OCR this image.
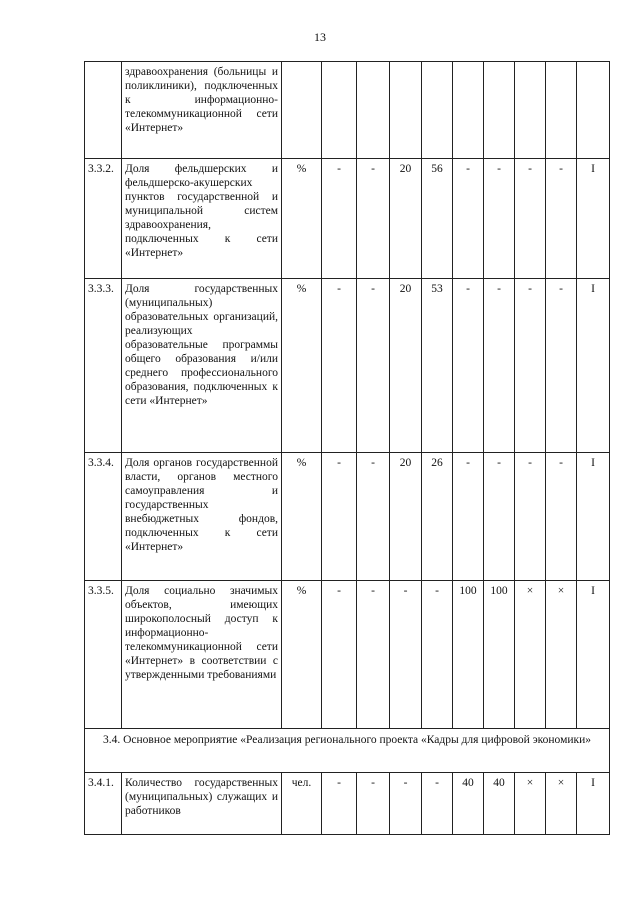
13
	здравоохранения (больницы и поликлиники), подключенных к информационно-телекоммуникационной сети «Интернет»										
3.3.2.	Доля фельдшерских и фельдшерско-акушерских пунктов государственной и муниципальной систем здравоохранения, подключенных к сети «Интернет»	%	-	-	20	56	-	-	-	-	I
3.3.3.	Доля государственных (муниципальных) образовательных организаций, реализующих образовательные программы общего образования и/или среднего профессионального образования, подключенных к сети «Интернет»	%	-	-	20	53	-	-	-	-	I
3.3.4.	Доля органов государственной власти, органов местного самоуправления и государственных внебюджетных фондов, подключенных к сети «Интернет»	%	-	-	20	26	-	-	-	-	I
3.3.5.	Доля социально значимых объектов, имеющих широкополосный доступ к информационно-телекоммуникационной сети «Интернет» в соответствии с утвержденными требованиями	%	-	-	-	-	100	100	×	×	I
3.4. Основное мероприятие «Реализация регионального проекта «Кадры для цифровой экономики»											
3.4.1.	Количество государственных (муниципальных) служащих и работников	чел.	-	-	-	-	40	40	×	×	I
